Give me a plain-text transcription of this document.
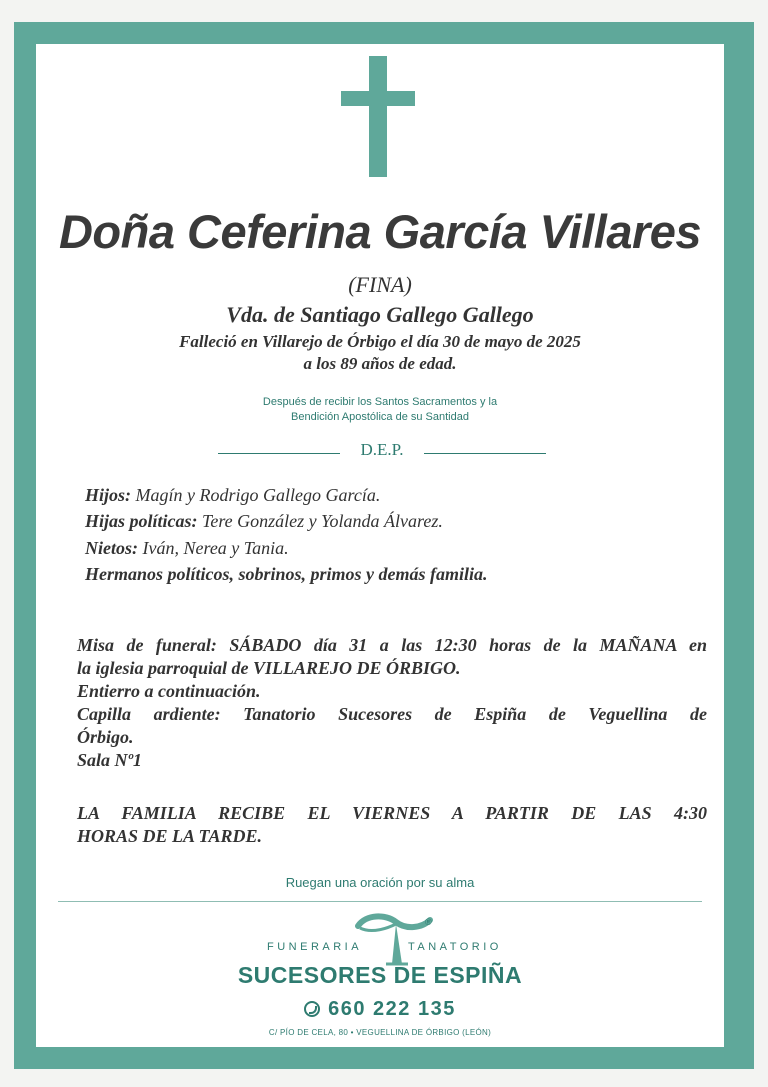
Doña Ceferina García Villares
(FINA)
Vda. de Santiago Gallego Gallego
Falleció en Villarejo de Órbigo el día 30 de mayo de 2025
a los 89 años de edad.
Después de recibir los Santos Sacramentos y la
Bendición Apostólica de su Santidad
D.E.P.
Hijos: Magín y Rodrigo Gallego García.
Hijas políticas: Tere González y Yolanda Álvarez.
Nietos: Iván, Nerea y Tania.
Hermanos políticos, sobrinos, primos y demás familia.
Misa de funeral: SÁBADO día 31 a las 12:30 horas de la MAÑANA en
la iglesia parroquial de VILLAREJO DE ÓRBIGO.
Entierro a continuación.
Capilla ardiente: Tanatorio Sucesores de Espiña de Veguellina de
Órbigo.
Sala Nº1
LA FAMILIA RECIBE EL VIERNES A PARTIR DE LAS 4:30
HORAS DE LA TARDE.
Ruegan una oración por su alma
®
FUNERARIA	TANATORIO
SUCESORES DE ESPIÑA
660 222 135
C/ PÍO DE CELA, 80 • VEGUELLINA DE ÓRBIGO (LEÓN)
